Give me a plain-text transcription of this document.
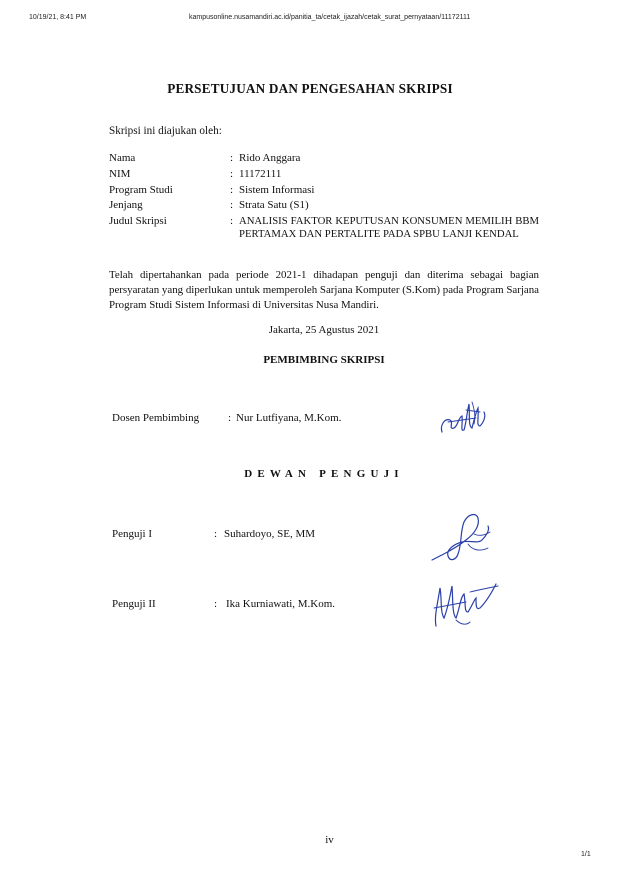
10/19/21, 8:41 PM	kampusonline.nusamandiri.ac.id/panitia_ta/cetak_ijazah/cetak_surat_pernyataan/11172111
PERSETUJUAN DAN PENGESAHAN SKRIPSI
Skripsi ini diajukan oleh:
Nama	: Rido Anggara
NIM	: 11172111
Program Studi	: Sistem Informasi
Jenjang	: Strata Satu (S1)
Judul Skripsi	: ANALISIS FAKTOR KEPUTUSAN KONSUMEN MEMILIH BBM PERTAMAX DAN PERTALITE PADA SPBU LANJI KENDAL
Telah dipertahankan pada periode 2021-1 dihadapan penguji dan diterima sebagai bagian persyaratan yang diperlukan untuk memperoleh Sarjana Komputer (S.Kom) pada Program Sarjana Program Studi Sistem Informasi di Universitas Nusa Mandiri.
Jakarta, 25 Agustus 2021
PEMBIMBING SKRIPSI
Dosen Pembimbing	: Nur Lutfiyana, M.Kom.
DEWAN PENGUJI
Penguji I	: Suhardoyo, SE, MM
Penguji II	: Ika Kurniawati, M.Kom.
iv
1/1
